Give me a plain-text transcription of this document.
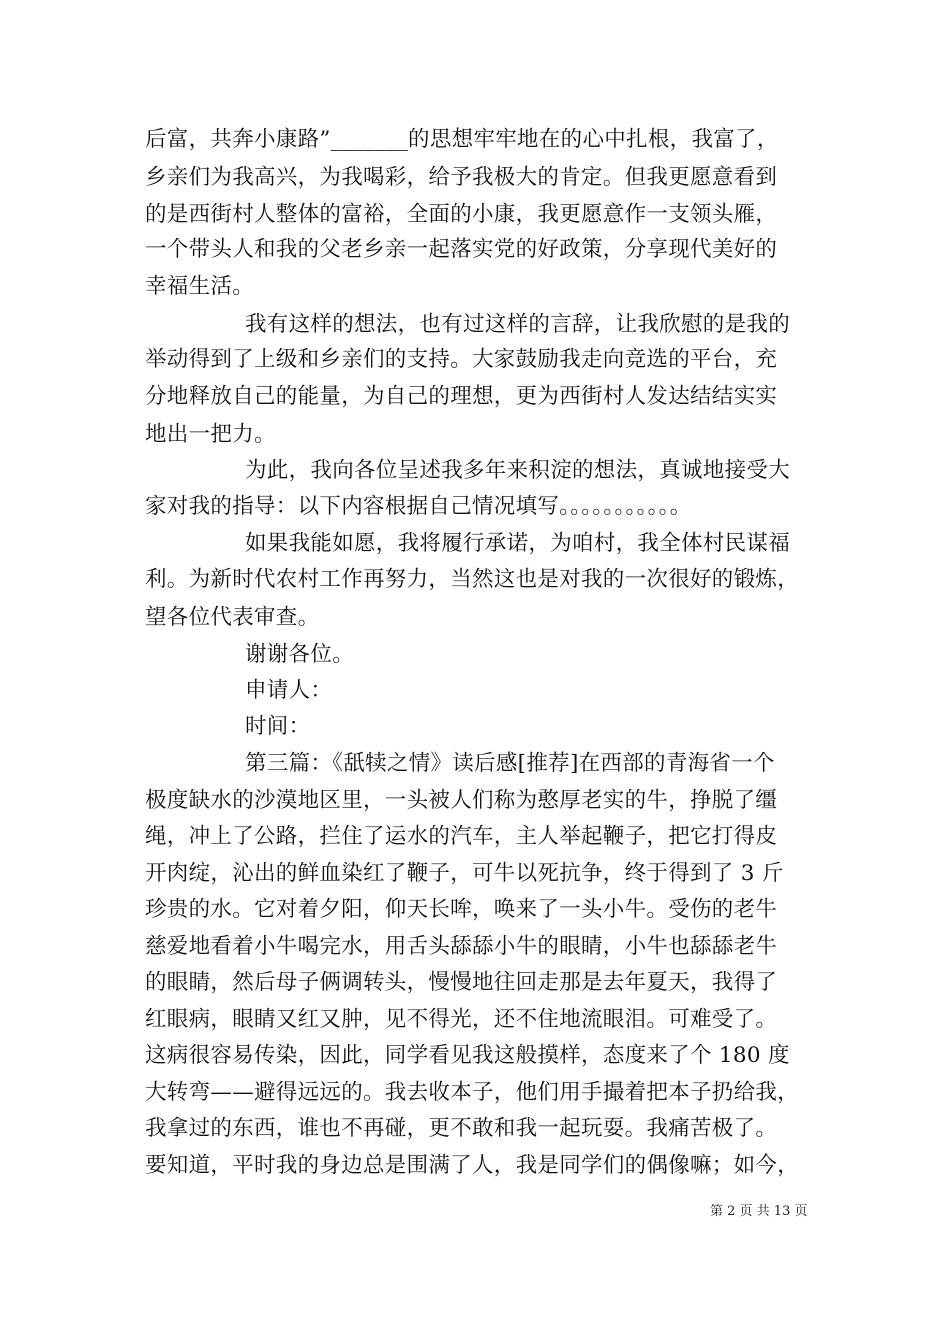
后富，共奔小康路”_______的思想牢牢地在的心中扎根，我富了，
乡亲们为我高兴，为我喝彩，给予我极大的肯定。但我更愿意看到
的是西街村人整体的富裕，全面的小康，我更愿意作一支领头雁，
一个带头人和我的父老乡亲一起落实党的好政策，分享现代美好的
幸福生活。
我有这样的想法，也有过这样的言辞，让我欣慰的是我的
举动得到了上级和乡亲们的支持。大家鼓励我走向竞选的平台，充
分地释放自己的能量，为自己的理想，更为西街村人发达结结实实
地出一把力。
为此，我向各位呈述我多年来积淀的想法，真诚地接受大
家对我的指导：以下内容根据自己情况填写。。。。。。。。。。。
如果我能如愿，我将履行承诺，为咱村，我全体村民谋福
利。为新时代农村工作再努力，当然这也是对我的一次很好的锻炼，
望各位代表审查。
谢谢各位。
申请人：
时间：
第三篇：《舐犊之情》读后感[推荐]在西部的青海省一个
极度缺水的沙漠地区里，一头被人们称为憨厚老实的牛，挣脱了缰
绳，冲上了公路，拦住了运水的汽车，主人举起鞭子，把它打得皮
开肉绽，沁出的鲜血染红了鞭子，可牛以死抗争，终于得到了 3 斤
珍贵的水。它对着夕阳，仰天长哞，唤来了一头小牛。受伤的老牛
慈爱地看着小牛喝完水，用舌头舔舔小牛的眼睛，小牛也舔舔老牛
的眼睛，然后母子俩调转头，慢慢地往回走那是去年夏天，我得了
红眼病，眼睛又红又肿，见不得光，还不住地流眼泪。可难受了。
这病很容易传染，因此，同学看见我这般摸样，态度来了个 180 度
大转弯——避得远远的。我去收本子，他们用手撮着把本子扔给我，
我拿过的东西，谁也不再碰，更不敢和我一起玩耍。我痛苦极了。
要知道，平时我的身边总是围满了人，我是同学们的偶像嘛；如今，
第 2 页 共 13 页
